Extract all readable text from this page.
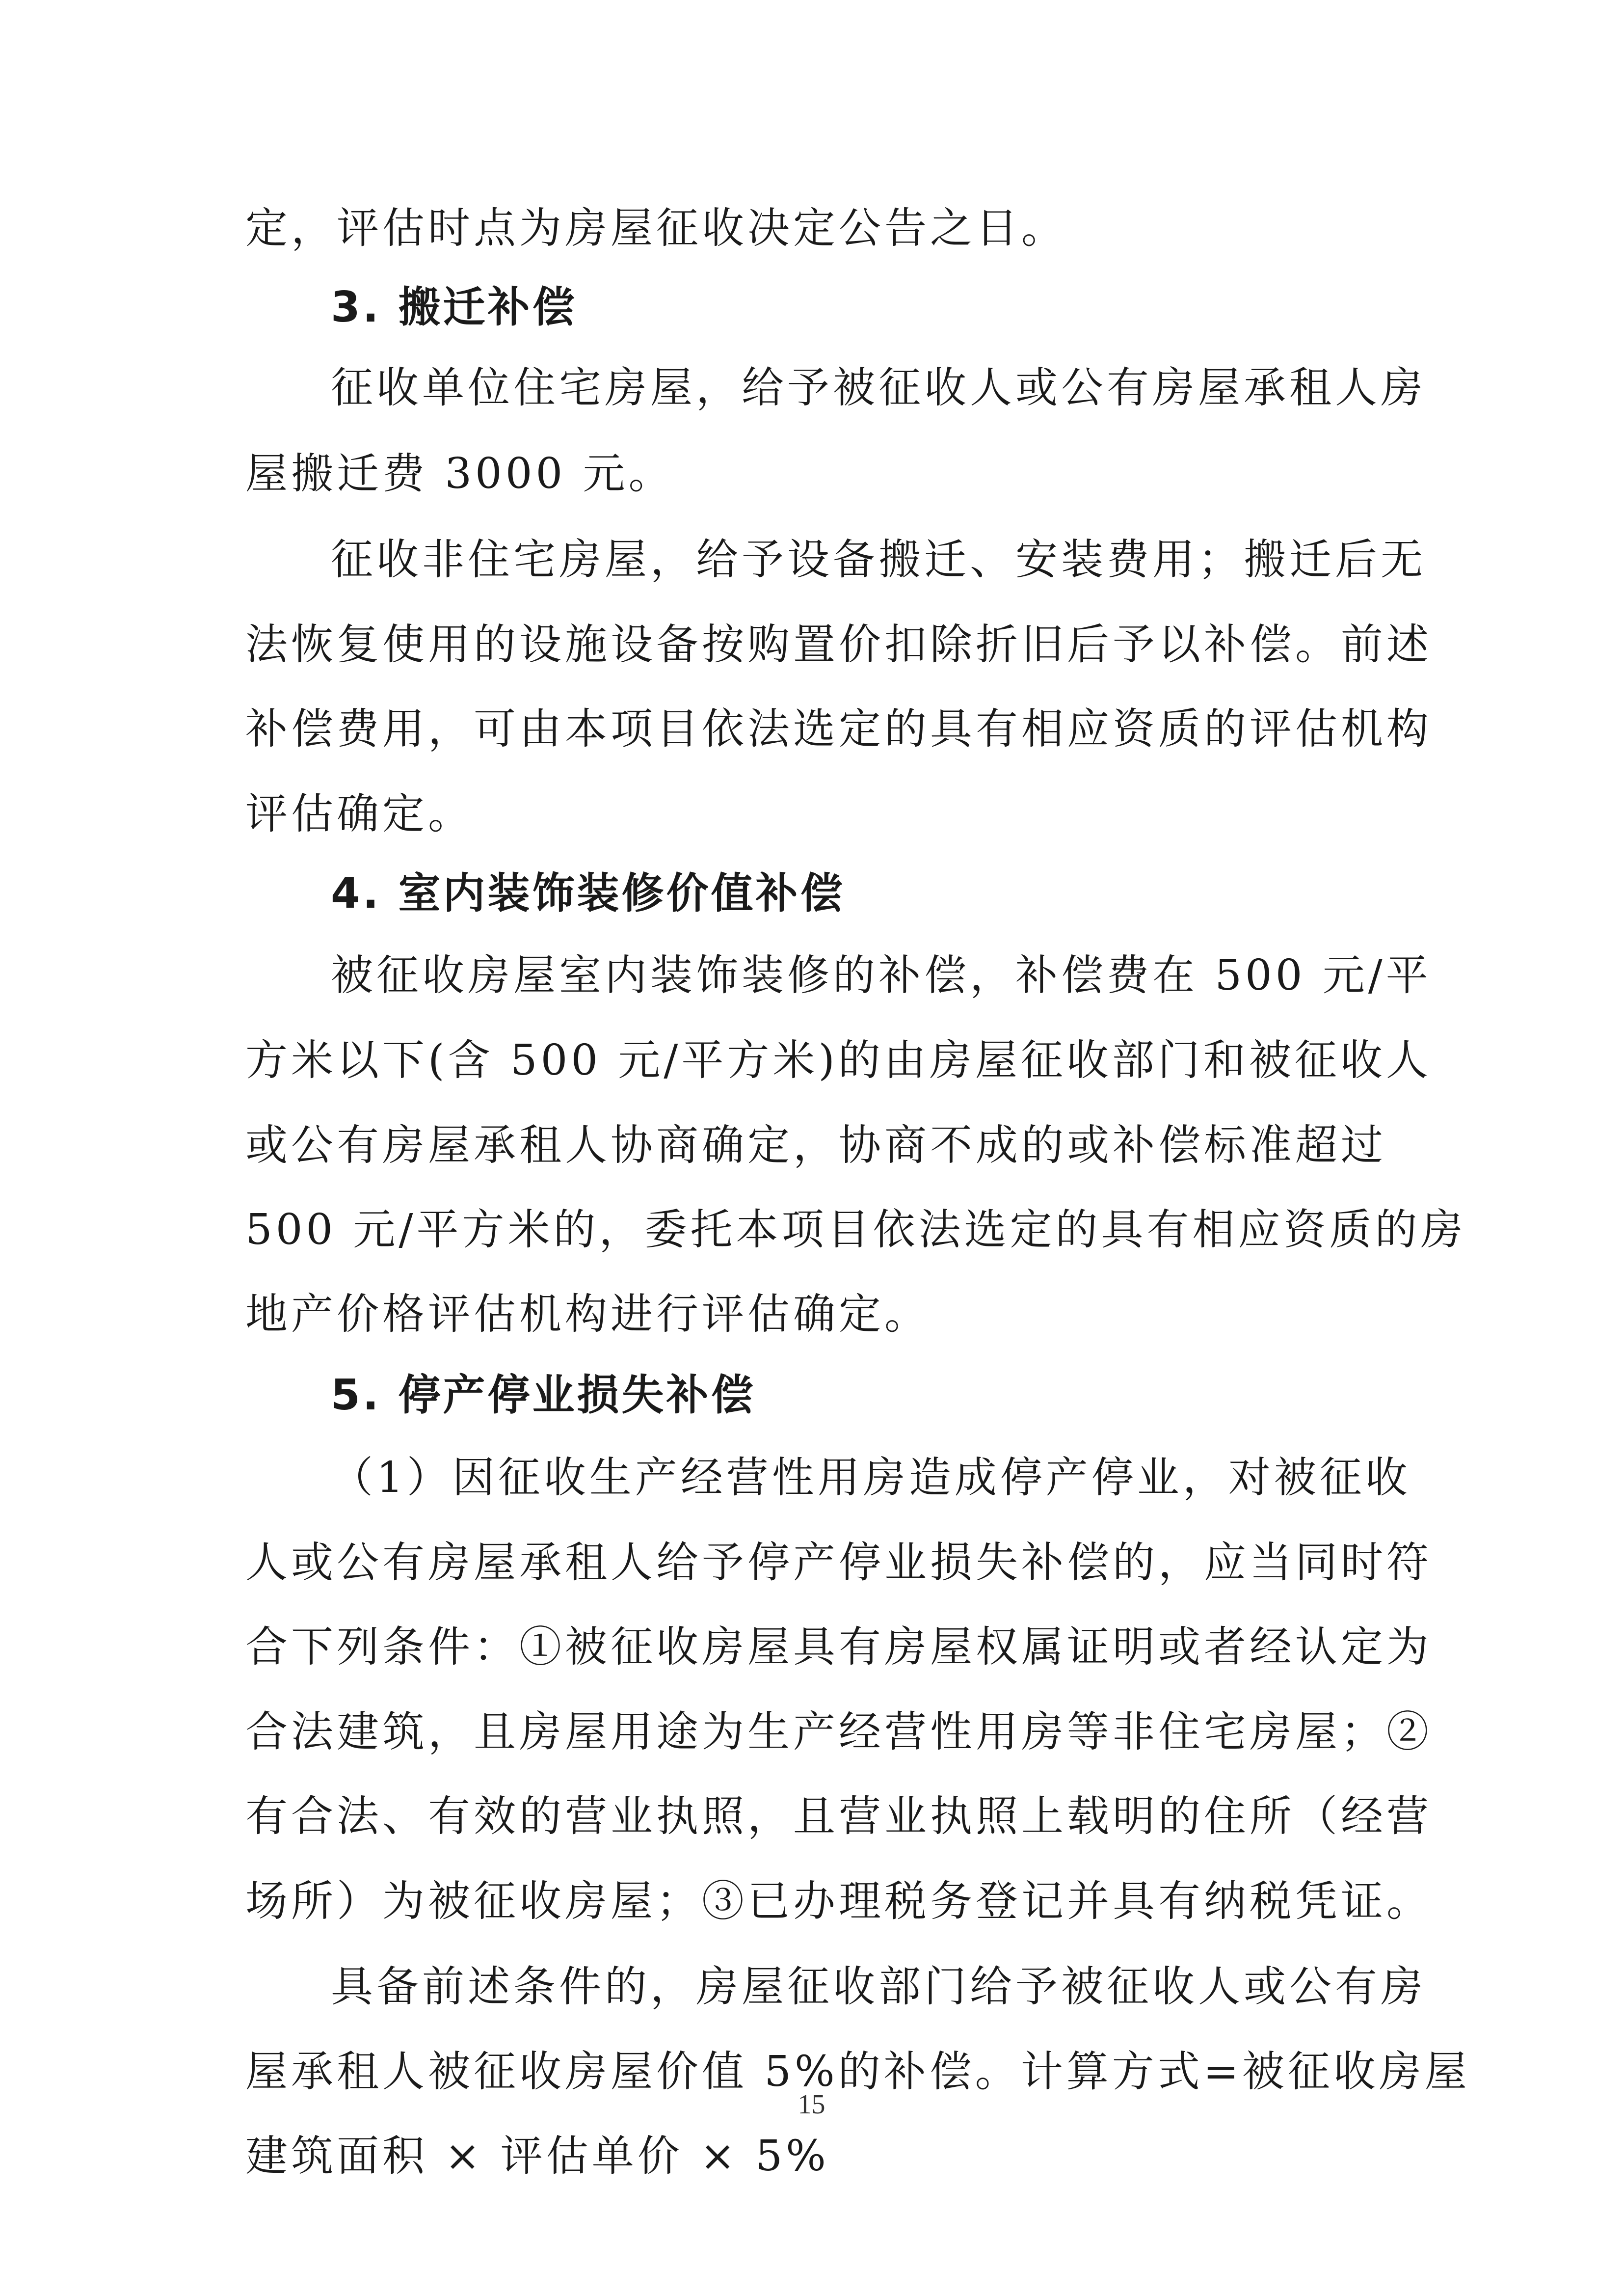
定，评估时点为房屋征收决定公告之日。
3. 搬迁补偿
征收单位住宅房屋，给予被征收人或公有房屋承租人房
屋搬迁费 3000 元。
征收非住宅房屋，给予设备搬迁、安装费用；搬迁后无
法恢复使用的设施设备按购置价扣除折旧后予以补偿。前述
补偿费用，可由本项目依法选定的具有相应资质的评估机构
评估确定。
4. 室内装饰装修价值补偿
被征收房屋室内装饰装修的补偿，补偿费在 500 元/平
方米以下(含 500 元/平方米)的由房屋征收部门和被征收人
或公有房屋承租人协商确定，协商不成的或补偿标准超过
500 元/平方米的，委托本项目依法选定的具有相应资质的房
地产价格评估机构进行评估确定。
5. 停产停业损失补偿
（1）因征收生产经营性用房造成停产停业，对被征收
人或公有房屋承租人给予停产停业损失补偿的，应当同时符
合下列条件：①被征收房屋具有房屋权属证明或者经认定为
合法建筑，且房屋用途为生产经营性用房等非住宅房屋；②
有合法、有效的营业执照，且营业执照上载明的住所（经营
场所）为被征收房屋；③已办理税务登记并具有纳税凭证。
具备前述条件的，房屋征收部门给予被征收人或公有房
屋承租人被征收房屋价值 5%的补偿。计算方式=被征收房屋
建筑面积 × 评估单价 × 5%
15
